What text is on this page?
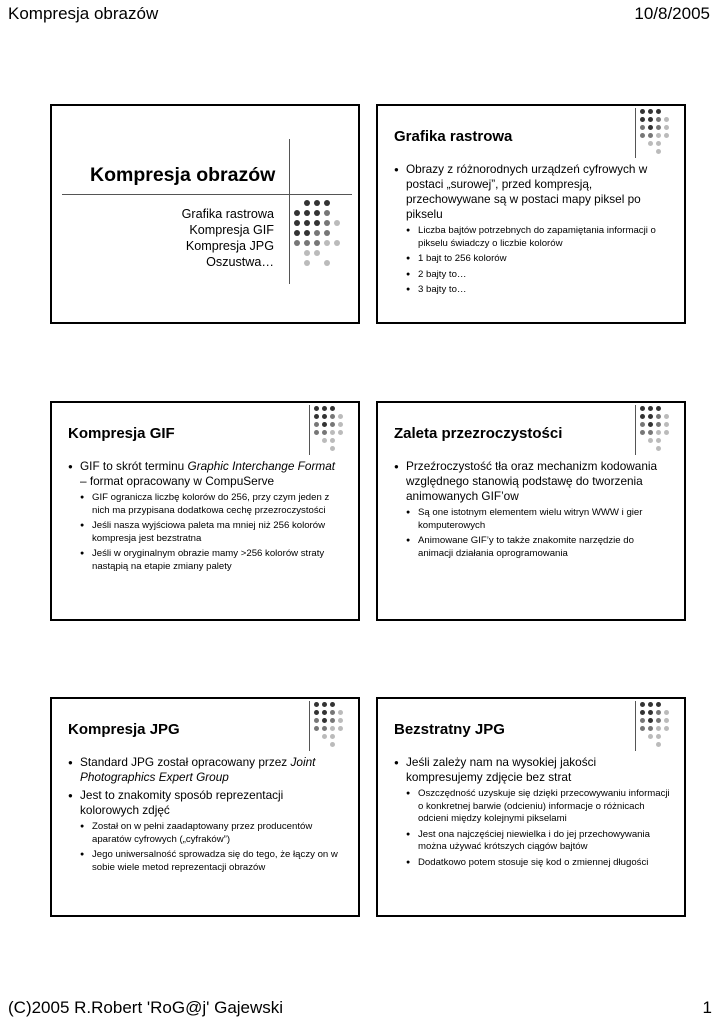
Kompresja obrazów	10/8/2005
Kompresja obrazów
Grafika rastrowa
Kompresja GIF
Kompresja JPG
Oszustwa…
Grafika rastrowa
● Obrazy z różnorodnych urządzeń cyfrowych w postaci „surowej”, przed kompresją, przechowywane są w postaci mapy piksel po pikselu
● Liczba bajtów potrzebnych do zapamiętania informacji o pikselu świadczy o liczbie kolorów
● 1 bajt to 256 kolorów
● 2 bajty to…
● 3 bajty to…
Kompresja GIF
● GIF to skrót terminu Graphic Interchange Format – format opracowany w CompuServe
● GIF ogranicza liczbę kolorów do 256, przy czym jeden z nich ma przypisana dodatkowa cechę przezroczystości
● Jeśli nasza wyjściowa paleta ma mniej niż 256 kolorów kompresja jest bezstratna
● Jeśli w oryginalnym obrazie mamy >256 kolorów straty nastąpią na etapie zmiany palety
Zaleta przezroczystości
● Przeźroczystość tła oraz mechanizm kodowania względnego stanowią podstawę do tworzenia animowanych GIF’ow
● Są one istotnym elementem wielu witryn WWW i gier komputerowych
● Animowane GIF’y to także znakomite narzędzie do animacji działania oprogramowania
Kompresja JPG
● Standard JPG został opracowany przez Joint Photographics Expert Group
● Jest to znakomity sposób reprezentacji kolorowych zdjęć
● Został on w pełni zaadaptowany przez producentów aparatów cyfrowych („cyfraków”)
● Jego uniwersalność sprowadza się do tego, że łączy on w sobie wiele metod reprezentacji obrazów
Bezstratny JPG
● Jeśli zależy nam na wysokiej jakości kompresujemy zdjęcie bez strat
● Oszczędność uzyskuje się dzięki przecowywaniu informacji o konkretnej barwie (odcieniu) informacje o różnicach odcieni między kolejnymi pikselami
● Jest ona najczęściej niewielka i do jej przechowywania można używać krótszych ciągów bajtów
● Dodatkowo potem stosuje się kod o zmiennej długości
(C)2005 R.Robert 'RoG@j' Gajewski	1
